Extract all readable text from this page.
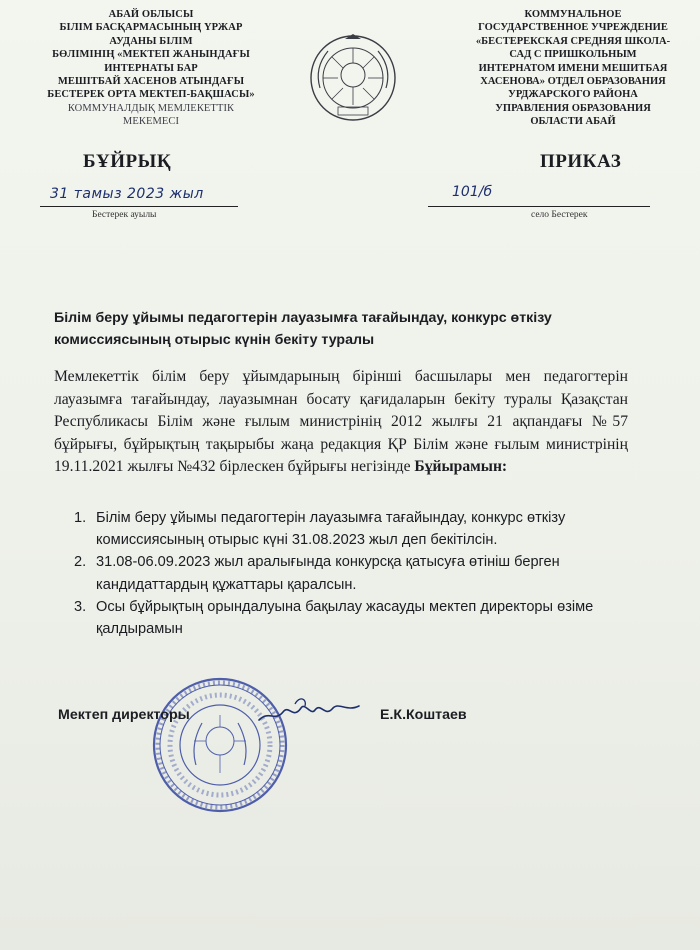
АБАЙ ОБЛЫСЫ
БІЛІМ БАСҚАРМАСЫНЫҢ ҮРЖАР
АУДАНЫ БІЛІМ
БӨЛІМІНІҢ «МЕКТЕП ЖАНЫНДАҒЫ
ИНТЕРНАТЫ БАР
МЕШІТБАЙ ХАСЕНОВ АТЫНДАҒЫ
БЕСТЕРЕК ОРТА МЕКТЕП-БАҚШАСЫ»
КОММУНАЛДЫҚ МЕМЛЕКЕТТІК
МЕКЕМЕСІ
КОММУНАЛЬНОЕ
ГОСУДАРСТВЕННОЕ УЧРЕЖДЕНИЕ
«БЕСТЕРЕКСКАЯ СРЕДНЯЯ ШКОЛА-
САД С ПРИШКОЛЬНЫМ
ИНТЕРНАТОМ ИМЕНИ МЕШИТБАЯ
ХАСЕНОВА» ОТДЕЛ ОБРАЗОВАНИЯ
УРДЖАРСКОГО РАЙОНА
УПРАВЛЕНИЯ ОБРАЗОВАНИЯ
ОБЛАСТИ АБАЙ
БҰЙРЫҚ	ПРИКАЗ
31 тамыз 2023 жыл
Бестерек ауылы
101/б
село Бестерек
Білім беру ұйымы педагогтерін лауазымға тағайындау, конкурс өткізу комиссиясының отырыс күнін бекіту туралы
Мемлекеттік білім беру ұйымдарының бірінші басшылары мен педагогтерін лауазымға тағайындау, лауазымнан босату қағидаларын бекіту туралы Қазақстан Республикасы Білім және ғылым министрінің 2012 жылғы 21 ақпандағы №57 бұйрығы, бұйрықтың тақырыбы жаңа редакция ҚР Білім және ғылым министрінің 19.11.2021 жылғы №432 бірлескен бұйрығы негізінде Бұйырамын:
1. Білім беру ұйымы педагогтерін лауазымға тағайындау, конкурс өткізу комиссиясының отырыс күні 31.08.2023 жыл деп бекітілсін.
2. 31.08-06.09.2023 жыл аралығында конкурсқа қатысуға өтініш берген кандидаттардың құжаттары қаралсын.
3. Осы бұйрықтың орындалуына бақылау жасауды мектеп директоры өзіме қалдырамын
Мектеп директоры	Е.К.Коштаев
